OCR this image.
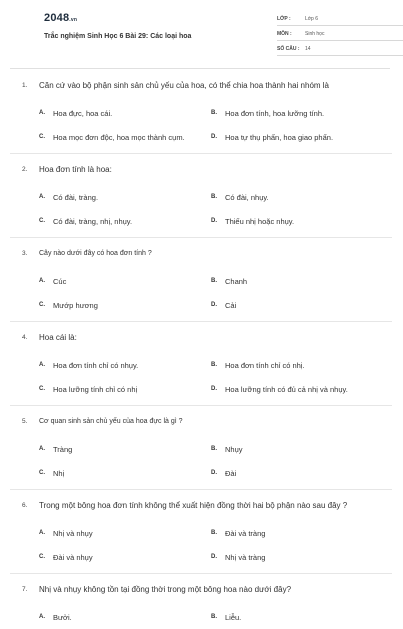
2048.vn
Trắc nghiệm Sinh Học 6 Bài 29: Các loại hoa
LỚP :	Lớp 6
MÔN :	Sinh học
SỐ CÂU :	14
1.	Căn cứ vào bộ phận sinh sản chủ yếu của hoa, có thể chia hoa thành hai nhóm là
A.	Hoa đực, hoa cái.	B.	Hoa đơn tính, hoa lưỡng tính.
C.	Hoa mọc đơn độc, hoa mọc thành cụm.	D.	Hoa tự thụ phấn, hoa giao phấn.
2.	Hoa đơn tính là hoa:
A.	Có đài, tràng.	B.	Có đài, nhụy.
C.	Có đài, tràng, nhị, nhụy.	D.	Thiếu nhị hoặc nhụy.
3.	Cây nào dưới đây có hoa đơn tính ?
A.	Cúc	B.	Chanh
C.	Mướp hương	D.	Cải
4.	Hoa cái là:
A.	Hoa đơn tính chỉ có nhụy.	B.	Hoa đơn tính chỉ có nhị.
C.	Hoa lưỡng tính chỉ có nhị	D.	Hoa lưỡng tính có đủ cả nhị và nhụy.
5.	Cơ quan sinh sản chủ yếu của hoa đực là gì ?
A.	Tràng	B.	Nhụy
C.	Nhị	D.	Đài
6.	Trong một bông hoa đơn tính không thể xuất hiện đồng thời hai bộ phận nào sau đây ?
A.	Nhị và nhụy	B.	Đài và tràng
C.	Đài và nhụy	D.	Nhị và tràng
7.	Nhị và nhụy không tồn tại đồng thời trong một bông hoa nào dưới đây?
A.	Bưởi.	B.	Liễu.
